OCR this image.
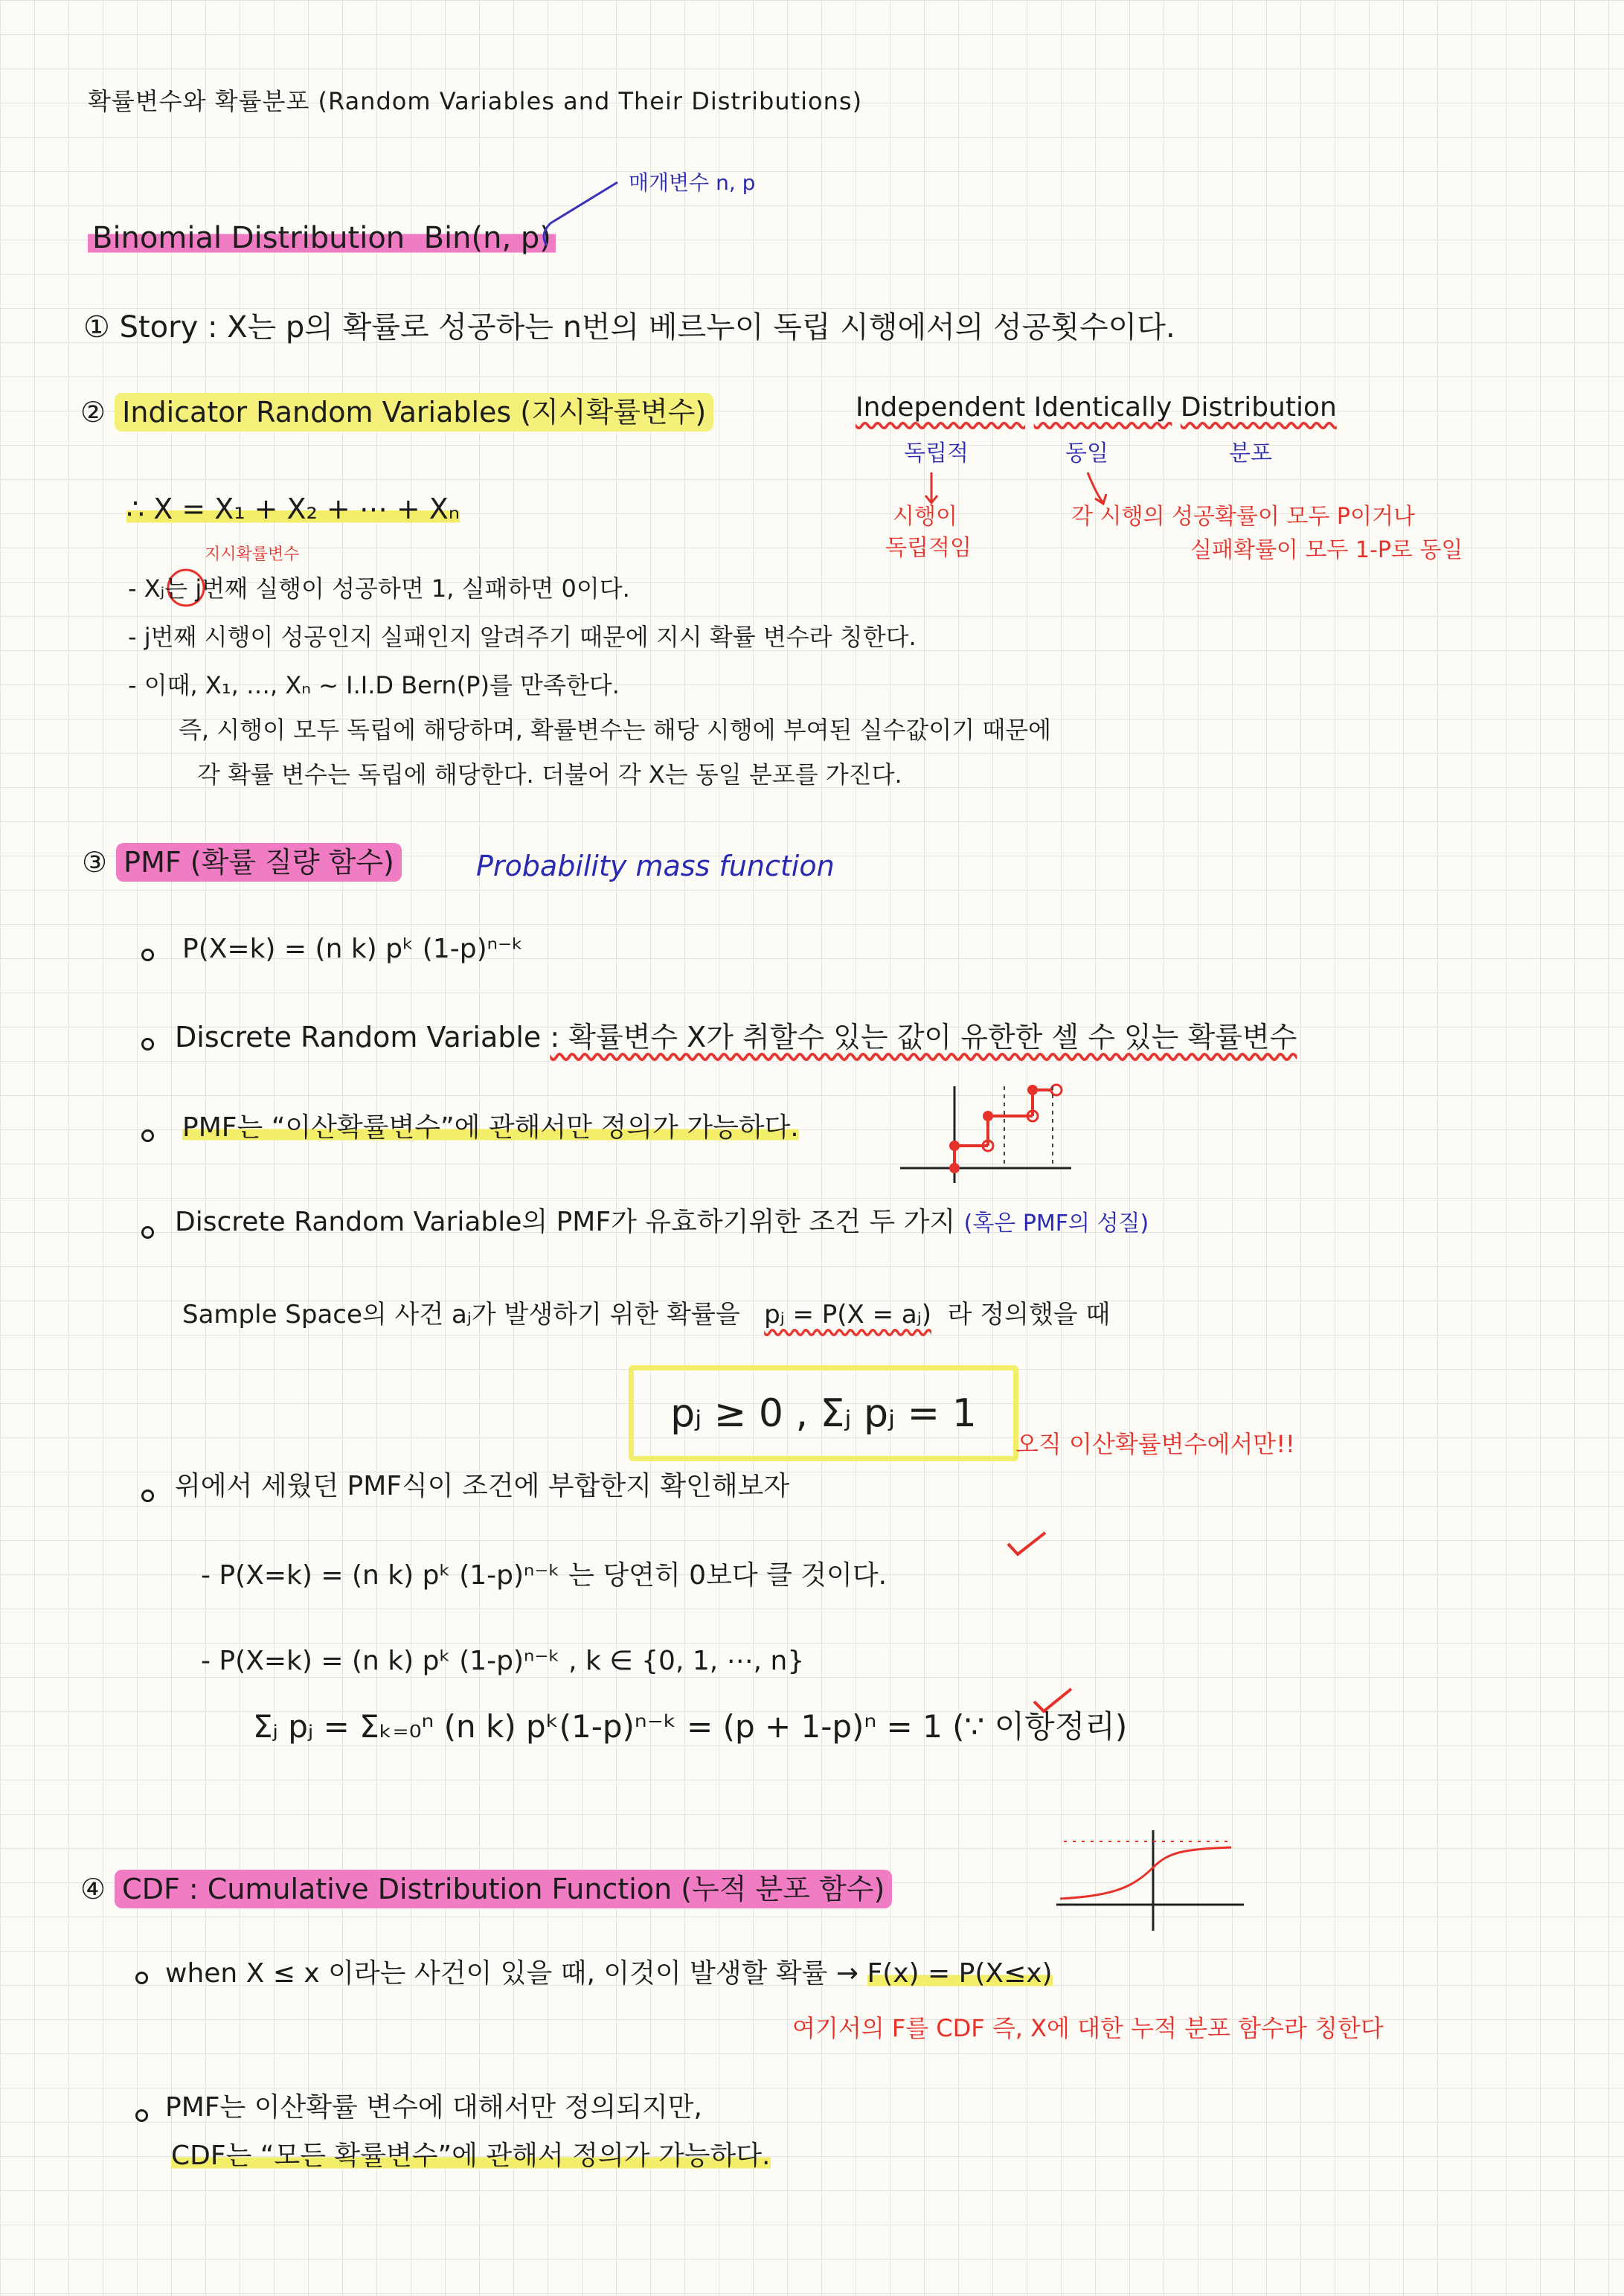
확률변수와 확률분포 (Random Variables and Their Distributions)
Binomial Distribution Bin(n, p)
매개변수 n, p
① Story : X는 p의 확률로 성공하는 n번의 베르누이 독립 시행에서의 성공횟수이다.
② Indicator Random Variables (지시확률변수)	Independent Identically Distribution
독립적	동일	분포
시행이
독립적임
각 시행의 성공확률이 모두 P이거나
실패확률이 모두 1-P로 동일
∴ X = X₁ + X₂ + ⋯ + Xₙ
지시확률변수
- Xⱼ는 j번째 실행이 성공하면 1, 실패하면 0이다.
- j번째 시행이 성공인지 실패인지 알려주기 때문에 지시 확률 변수라 칭한다.
- 이때, X₁, …, Xₙ ~ I.I.D Bern(P)를 만족한다.
즉, 시행이 모두 독립에 해당하며, 확률변수는 해당 시행에 부여된 실수값이기 때문에
각 확률 변수는 독립에 해당한다. 더불어 각 X는 동일 분포를 가진다.
③ PMF (확률 질량 함수)	Probability mass function
P(X=k) = (n k) pᵏ (1-p)ⁿ⁻ᵏ
Discrete Random Variable : 확률변수 X가 취할수 있는 값이 유한한 셀 수 있는 확률변수
PMF는 “이산확률변수”에 관해서만 정의가 가능하다.
Discrete Random Variable의 PMF가 유효하기위한 조건 두 가지 (혹은 PMF의 성질)
Sample Space의 사건 aⱼ가 발생하기 위한 확률을 pⱼ = P(X = aⱼ) 라 정의했을 때
pⱼ ≥ 0 , Σⱼ pⱼ = 1
오직 이산확률변수에서만!!
위에서 세웠던 PMF식이 조건에 부합한지 확인해보자
- P(X=k) = (n k) pᵏ (1-p)ⁿ⁻ᵏ 는 당연히 0보다 클 것이다.
- P(X=k) = (n k) pᵏ (1-p)ⁿ⁻ᵏ , k ∈ {0, 1, ⋯, n}
Σⱼ pⱼ = Σₖ₌₀ⁿ (n k) pᵏ(1-p)ⁿ⁻ᵏ = (p + 1-p)ⁿ = 1 (∵ 이항정리)
④ CDF : Cumulative Distribution Function (누적 분포 함수)
when X ≤ x 이라는 사건이 있을 때, 이것이 발생할 확률 → F(x) = P(X≤x)
여기서의 F를 CDF 즉, X에 대한 누적 분포 함수라 칭한다
PMF는 이산확률 변수에 대해서만 정의되지만,
CDF는 “모든 확률변수”에 관해서 정의가 가능하다.
